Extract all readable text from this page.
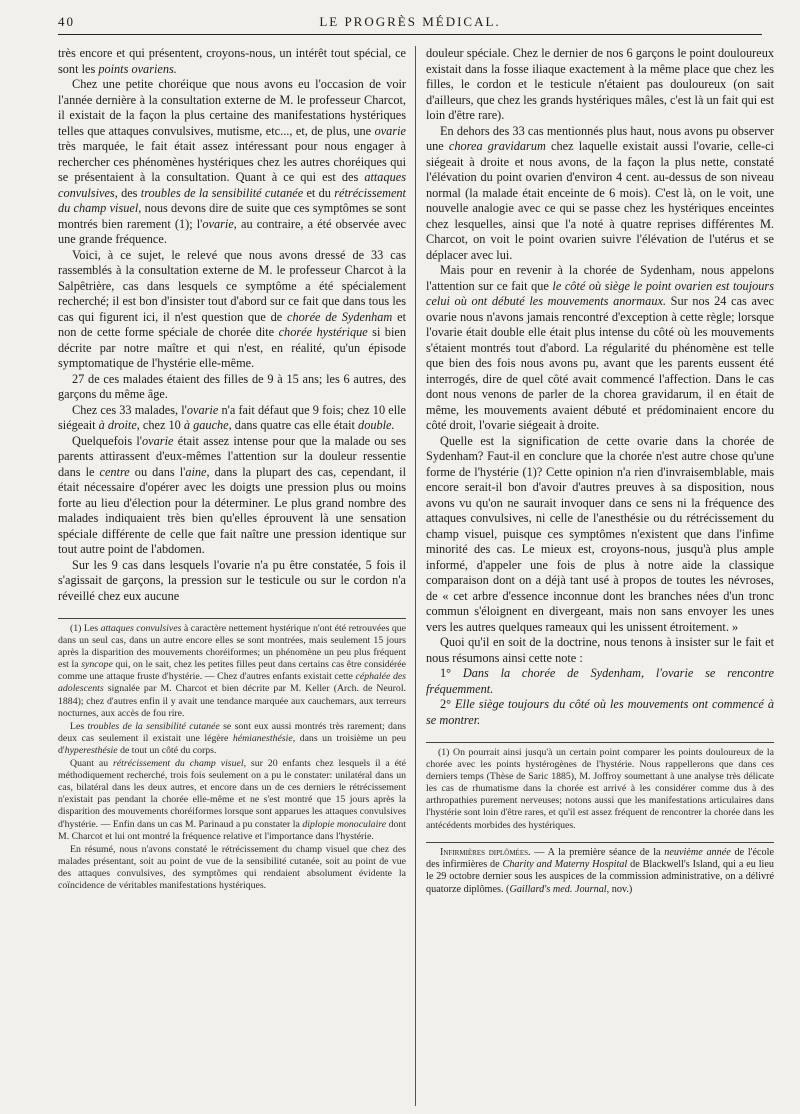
40	LE PROGRÈS MÉDICAL.

très encore et qui présentent, croyons-nous, un intérêt tout spécial, ce sont les points ovariens.

Chez une petite choréique que nous avons eu l'occasion de voir l'année dernière à la consultation externe de M. le professeur Charcot, il existait de la façon la plus certaine des manifestations hystériques telles que attaques convulsives, mutisme, etc..., et, de plus, une ovarie très marquée, le fait était assez intéressant pour nous engager à rechercher ces phénomènes hystériques chez les autres choréiques qui se présentaient à la consultation. Quant à ce qui est des attaques convulsives, des troubles de la sensibilité cutanée et du rétrécissement du champ visuel, nous devons dire de suite que ces symptômes se sont montrés bien rarement (1); l'ovarie, au contraire, a été observée avec une grande fréquence.

Voici, à ce sujet, le relevé que nous avons dressé de 33 cas rassemblés à la consultation externe de M. le professeur Charcot à la Salpêtrière, cas dans lesquels ce symptôme a été spécialement recherché; il est bon d'insister tout d'abord sur ce fait que dans tous les cas qui figurent ici, il n'est question que de chorée de Sydenham et non de cette forme spéciale de chorée dite chorée hystérique si bien décrite par notre maître et qui n'est, en réalité, qu'un épisode symptomatique de l'hystérie elle-même.

27 de ces malades étaient des filles de 9 à 15 ans; les 6 autres, des garçons du même âge.

Chez ces 33 malades, l'ovarie n'a fait défaut que 9 fois; chez 10 elle siégeait à droite, chez 10 à gauche, dans quatre cas elle était double.

Quelquefois l'ovarie était assez intense pour que la malade ou ses parents attirassent d'eux-mêmes l'attention sur la douleur ressentie dans le centre ou dans l'aine, dans la plupart des cas, cependant, il était nécessaire d'opérer avec les doigts une pression plus ou moins forte au lieu d'élection pour la déterminer. Le plus grand nombre des malades indiquaient très bien qu'elles éprouvent là une sensation spéciale différente de celle que fait naître une pression identique sur tout autre point de l'abdomen.

Sur les 9 cas dans lesquels l'ovarie n'a pu être constatée, 5 fois il s'agissait de garçons, la pression sur le testicule ou sur le cordon n'a réveillé chez eux aucune

(1) Les attaques convulsives à caractère nettement hystérique n'ont été retrouvées que dans un seul cas, dans un autre encore elles se sont montrées, mais seulement 15 jours après la disparition des mouvements choréiformes; un phénomène un peu plus fréquent est la syncope qui, on le sait, chez les petites filles peut dans certains cas être considérée comme une attaque fruste d'hystérie. — Chez d'autres enfants existait cette céphalée des adolescents signalée par M. Charcot et bien décrite par M. Keller (Arch. de Neurol. 1884); chez d'autres enfin il y avait une tendance marquée aux cauchemars, aux terreurs nocturnes, aux accès de fou rire.

Les troubles de la sensibilité cutanée se sont eux aussi montrés très rarement; dans deux cas seulement il existait une légère hémianesthésie, dans un troisième un peu d'hyperesthésie de tout un côté du corps.

Quant au rétrécissement du champ visuel, sur 20 enfants chez lesquels il a été méthodiquement recherché, trois fois seulement on a pu le constater: unilatéral dans un cas, bilatéral dans les deux autres, et encore dans un de ces derniers le rétrécissement n'existait pas pendant la chorée elle-même et ne s'est montré que 15 jours après la disparition des mouvements choréiformes lorsque sont apparues les attaques convulsives d'hystérie. — Enfin dans un cas M. Parinaud a pu constater la diplopie monoculaire dont M. Charcot et lui ont montré la fréquence relative et l'importance dans l'hystérie.

En résumé, nous n'avons constaté le rétrécissement du champ visuel que chez des malades présentant, soit au point de vue de la sensibilité cutanée, soit au point de vue des attaques convulsives, des symptômes qui rendaient absolument évidente la coïncidence de véritables manifestations hystériques.

douleur spéciale. Chez le dernier de nos 6 garçons le point douloureux existait dans la fosse iliaque exactement à la même place que chez les filles, le cordon et le testicule n'étaient pas douloureux (on sait d'ailleurs, que chez les grands hystériques mâles, c'est là un fait qui est loin d'être rare).

En dehors des 33 cas mentionnés plus haut, nous avons pu observer une chorea gravidarum chez laquelle existait aussi l'ovarie, celle-ci siégeait à droite et nous avons, de la façon la plus nette, constaté l'élévation du point ovarien d'environ 4 cent. au-dessus de son niveau normal (la malade était enceinte de 6 mois). C'est là, on le voit, une nouvelle analogie avec ce qui se passe chez les hystériques enceintes chez lesquelles, ainsi que l'a noté à quatre reprises différentes M. Charcot, on voit le point ovarien suivre l'élévation de l'utérus et se déplacer avec lui.

Mais pour en revenir à la chorée de Sydenham, nous appelons l'attention sur ce fait que le côté où siège le point ovarien est toujours celui où ont débuté les mouvements anormaux. Sur nos 24 cas avec ovarie nous n'avons jamais rencontré d'exception à cette règle; lorsque l'ovarie était double elle était plus intense du côté où les mouvements s'étaient montrés tout d'abord. La régularité du phénomène est telle que bien des fois nous avons pu, avant que les parents eussent été interrogés, dire de quel côté avait commencé l'affection. Dans le cas dont nous venons de parler de la chorea gravidarum, il en était de même, les mouvements avaient débuté et prédominaient encore du côté droit, l'ovarie siégeait à droite.

Quelle est la signification de cette ovarie dans la chorée de Sydenham? Faut-il en conclure que la chorée n'est autre chose qu'une forme de l'hystérie (1)? Cette opinion n'a rien d'invraisemblable, mais encore serait-il bon d'avoir d'autres preuves à sa disposition, nous avons vu qu'on ne saurait invoquer dans ce sens ni la fréquence des attaques convulsives, ni celle de l'anesthésie ou du rétrécissement du champ visuel, puisque ces symptômes n'existent que dans l'infime minorité des cas. Le mieux est, croyons-nous, jusqu'à plus ample informé, d'appeler une fois de plus à notre aide la classique comparaison dont on a déjà tant usé à propos de toutes les névroses, de « cet arbre d'essence inconnue dont les branches nées d'un tronc commun s'éloignent en divergeant, mais non sans envoyer les unes vers les autres quelques rameaux qui les unissent étroitement. »

Quoi qu'il en soit de la doctrine, nous tenons à insister sur le fait et nous résumons ainsi cette note :

1° Dans la chorée de Sydenham, l'ovarie se rencontre fréquemment.

2° Elle siège toujours du côté où les mouvements ont commencé à se montrer.

(1) On pourrait ainsi jusqu'à un certain point comparer les points douloureux de la chorée avec les points hystérogènes de l'hystérie. Nous rappellerons que dans ces derniers temps (Thèse de Saric 1885), M. Joffroy soumettant à une analyse très délicate les cas de rhumatisme dans la chorée est arrivé à les considérer comme dus à des arthropathies purement nerveuses; notons aussi que les manifestations articulaires dans l'hystérie sont loin d'être rares, et qu'il est assez fréquent de rencontrer la chorée dans les antécédents morbides des hystériques.

Infirmières diplômées. — A la première séance de la neuvième année de l'école des infirmières de Charity and Materny Hospital de Blackwell's Island, qui a eu lieu le 29 octobre dernier sous les auspices de la commission administrative, on a délivré quatorze diplômes. (Gaillard's med. Journal, nov.)
